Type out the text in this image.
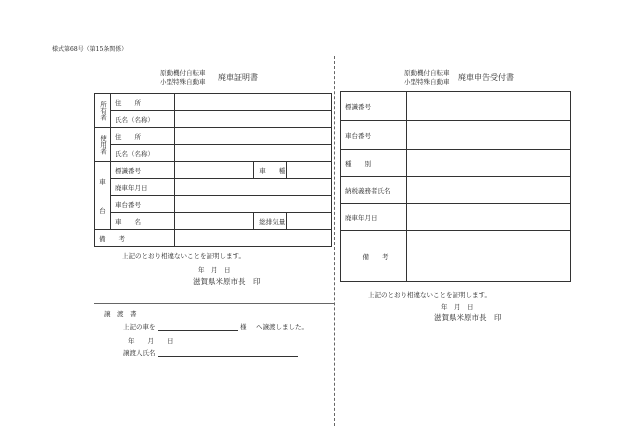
様式第68号（第15条関係）
原動機付自転車
小型特殊自動車 廃車証明書
所有者	住　　所			
	氏名（名称）			
使用者	住　　所			
	氏名（名称）			

車
台	標識番号		車　　種	
	廃車年月日			
	車台番号			
	車　　名		総排気量	
備　　考				
上記のとおり相違ないことを証明します。
年　月　日
滋賀県米原市長　印
譲　渡　書
上記の車を	様 へ譲渡しました。
年　　月　　日
譲渡人氏名
原動機付自転車
小型特殊自動車 廃車申告受付書
標識番号	
車台番号	
種　　別	
納税義務者氏名	
廃車年月日	
備　　考	
上記のとおり相違ないことを証明します。
年　月　日
滋賀県米原市長　印
